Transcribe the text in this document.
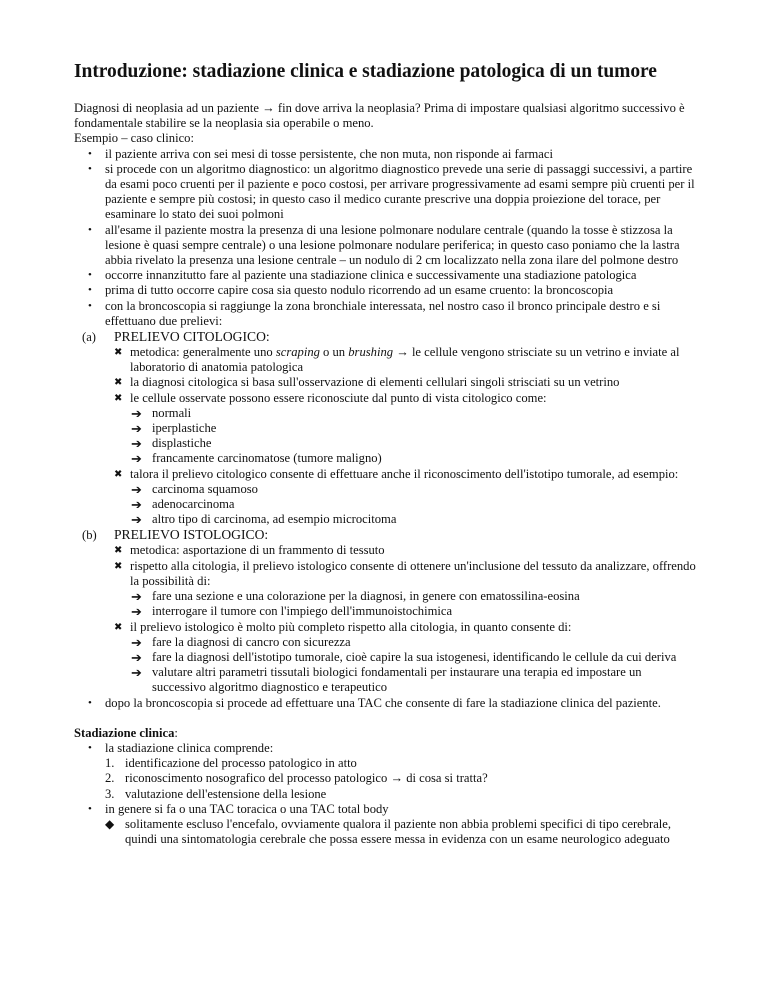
Introduzione: stadiazione clinica e stadiazione patologica di un tumore

Diagnosi di neoplasia ad un paziente → fin dove arriva la neoplasia? Prima di impostare qualsiasi algoritmo successivo è fondamentale stabilire se la neoplasia sia operabile o meno.

Esempio – caso clinico:

• il paziente arriva con sei mesi di tosse persistente, che non muta, non risponde ai farmaci
• si procede con un algoritmo diagnostico: un algoritmo diagnostico prevede una serie di passaggi successivi, a partire da esami poco cruenti per il paziente e poco costosi, per arrivare progressivamente ad esami sempre più cruenti per il paziente e sempre più costosi; in questo caso il medico curante prescrive una doppia proiezione del torace, per esaminare lo stato dei suoi polmoni
• all'esame il paziente mostra la presenza di una lesione polmonare nodulare centrale (quando la tosse è stizzosa la lesione è quasi sempre centrale) o una lesione polmonare nodulare periferica; in questo caso poniamo che la lastra abbia rivelato la presenza una lesione centrale – un nodulo di 2 cm localizzato nella zona ilare del polmone destro
• occorre innanzitutto fare al paziente una stadiazione clinica e successivamente una stadiazione patologica
• prima di tutto occorre capire cosa sia questo nodulo ricorrendo ad un esame cruento: la broncoscopia
• con la broncoscopia si raggiunge la zona bronchiale interessata, nel nostro caso il bronco principale destro e si effettuano due prelievi:
(a) PRELIEVO CITOLOGICO:
✖ metodica: generalmente uno scraping o un brushing → le cellule vengono strisciate su un vetrino e inviate al laboratorio di anatomia patologica
✖ la diagnosi citologica si basa sull'osservazione di elementi cellulari singoli strisciati su un vetrino
✖ le cellule osservate possono essere riconosciute dal punto di vista citologico come:
➔ normali
➔ iperplastiche
➔ displastiche
➔ francamente carcinomatose (tumore maligno)
✖ talora il prelievo citologico consente di effettuare anche il riconoscimento dell'istotipo tumorale, ad esempio:
➔ carcinoma squamoso
➔ adenocarcinoma
➔ altro tipo di carcinoma, ad esempio microcitoma
(b) PRELIEVO ISTOLOGICO:
✖ metodica: asportazione di un frammento di tessuto
✖ rispetto alla citologia, il prelievo istologico consente di ottenere un'inclusione del tessuto da analizzare, offrendo la possibilità di:
➔ fare una sezione e una colorazione per la diagnosi, in genere con ematossilina-eosina
➔ interrogare il tumore con l'impiego dell'immunoistochimica
✖ il prelievo istologico è molto più completo rispetto alla citologia, in quanto consente di:
➔ fare la diagnosi di cancro con sicurezza
➔ fare la diagnosi dell'istotipo tumorale, cioè capire la sua istogenesi, identificando le cellule da cui deriva
➔ valutare altri parametri tissutali biologici fondamentali per instaurare una terapia ed impostare un successivo algoritmo diagnostico e terapeutico
• dopo la broncoscopia si procede ad effettuare una TAC che consente di fare la stadiazione clinica del paziente.

Stadiazione clinica:

• la stadiazione clinica comprende:
1. identificazione del processo patologico in atto
2. riconoscimento nosografico del processo patologico → di cosa si tratta?
3. valutazione dell'estensione della lesione
• in genere si fa o una TAC toracica o una TAC total body
◆ solitamente escluso l'encefalo, ovviamente qualora il paziente non abbia problemi specifici di tipo cerebrale, quindi una sintomatologia cerebrale che possa essere messa in evidenza con un esame neurologico adeguato
